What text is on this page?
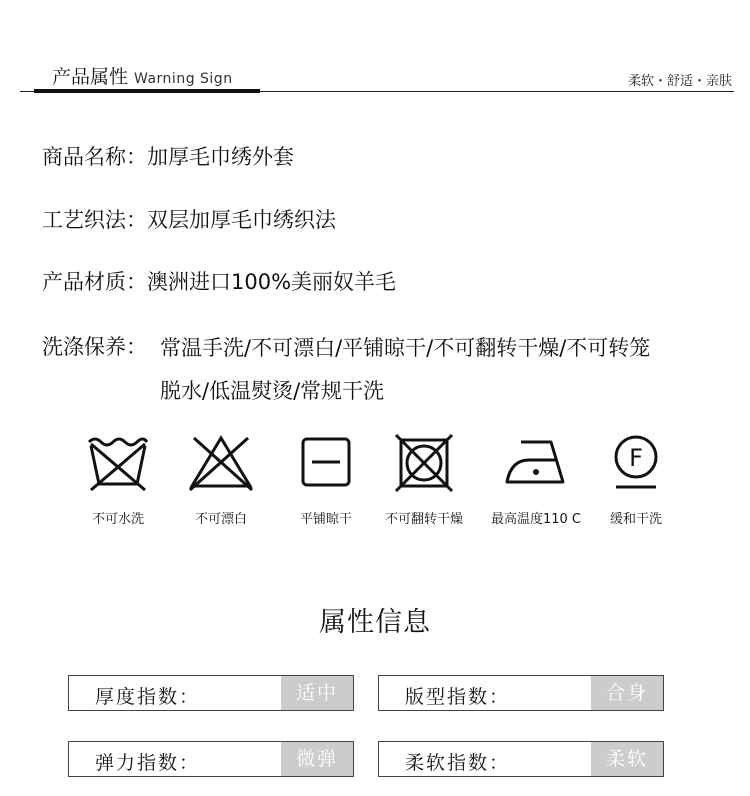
产品属性 Warning Sign	柔软・舒适・亲肤
商品名称：加厚毛巾绣外套
工艺织法：双层加厚毛巾绣织法
产品材质：澳洲进口100%美丽奴羊毛
洗涤保养： 常温手洗/不可漂白/平铺晾干/不可翻转干燥/不可转笼
脱水/低温熨烫/常规干洗
不可水洗	不可漂白	平铺晾干	不可翻转干燥	最高温度110 C
F
缓和干洗
属性信息
厚度指数：	适中	版型指数：	合身
弹力指数：	微弹	柔软指数：	柔软
